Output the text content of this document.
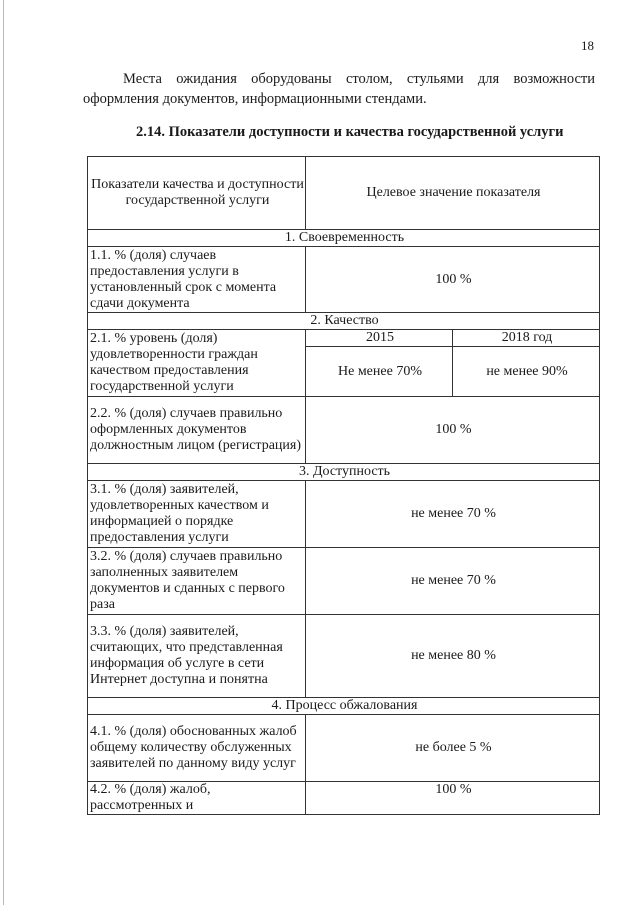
18

Места ожидания оборудованы столом, стульями для возможности оформления документов, информационными стендами.

2.14. Показатели доступности и качества государственной услуги

Показатели качества и доступности государственной услуги	Целевое значение показателя	
1. Своевременность		
1.1. % (доля) случаев предоставления услуги в установленный срок с момента сдачи документа	100 %	
2. Качество		
2.1. % уровень (доля) удовлетворенности граждан качеством предоставления государственной услуги	2015	2018 год
	Не менее 70%	не менее 90%
2.2. % (доля) случаев правильно оформленных документов должностным лицом (регистрация)	100 %	
3. Доступность		
3.1. % (доля) заявителей, удовлетворенных качеством и информацией о порядке предоставления услуги	не менее 70 %	
3.2. % (доля) случаев правильно заполненных заявителем документов и сданных с первого раза	не менее 70 %	
3.3. % (доля) заявителей, считающих, что представленная информация об услуге в сети Интернет доступна и понятна	не менее 80 %	
4. Процесс обжалования		
4.1. % (доля) обоснованных жалоб общему количеству обслуженных заявителей по данному виду услуг	не более 5 %	
4.2. % (доля) жалоб, рассмотренных и	100 %	
